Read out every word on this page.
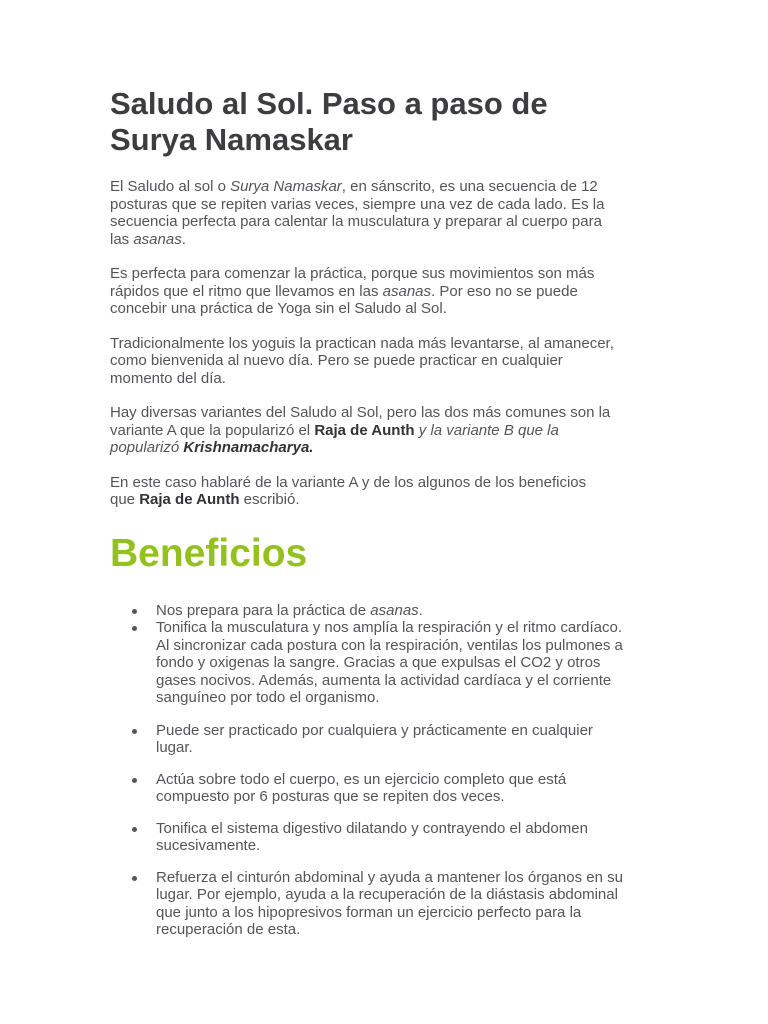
Saludo al Sol. Paso a paso de
Surya Namaskar

El Saludo al sol o Surya Namaskar, en sánscrito, es una secuencia de 12
posturas que se repiten varias veces, siempre una vez de cada lado. Es la
secuencia perfecta para calentar la musculatura y preparar al cuerpo para
las asanas.

Es perfecta para comenzar la práctica, porque sus movimientos son más
rápidos que el ritmo que llevamos en las asanas. Por eso no se puede
concebir una práctica de Yoga sin el Saludo al Sol.

Tradicionalmente los yoguis la practican nada más levantarse, al amanecer,
como bienvenida al nuevo día. Pero se puede practicar en cualquier
momento del día.

Hay diversas variantes del Saludo al Sol, pero las dos más comunes son la
variante A que la popularizó el Raja de Aunth y la variante B que la
popularizó Krishnamacharya.

En este caso hablaré de la variante A y de los algunos de los beneficios
que Raja de Aunth escribió.

Beneficios
Nos prepara para la práctica de asanas.
Tonifica la musculatura y nos amplía la respiración y el ritmo cardíaco.
Al sincronizar cada postura con la respiración, ventilas los pulmones a
fondo y oxigenas la sangre. Gracias a que expulsas el CO2 y otros
gases nocivos. Además, aumenta la actividad cardíaca y el corriente
sanguíneo por todo el organismo.
Puede ser practicado por cualquiera y prácticamente en cualquier
lugar.
Actúa sobre todo el cuerpo, es un ejercicio completo que está
compuesto por 6 posturas que se repiten dos veces.
Tonifica el sistema digestivo dilatando y contrayendo el abdomen
sucesivamente.
Refuerza el cinturón abdominal y ayuda a mantener los órganos en su
lugar. Por ejemplo, ayuda a la recuperación de la diástasis abdominal
que junto a los hipopresivos forman un ejercicio perfecto para la
recuperación de esta.
